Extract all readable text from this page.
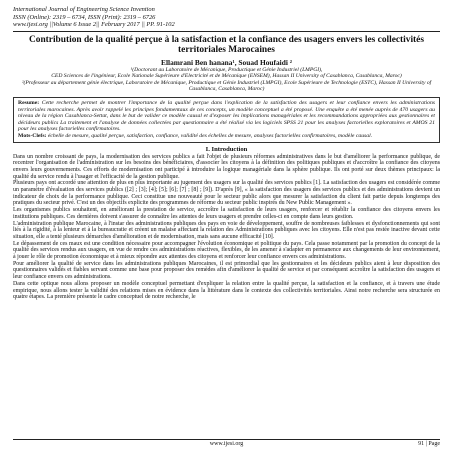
International Journal of Engineering Science Invention
ISSN (Online): 2319 – 6734, ISSN (Print): 2319 – 6726
www.ijesi.org ||Volume 6 Issue 2|| February 2017 || PP. 91-102
Contribution de la qualité perçue à la satisfaction et la confiance des usagers envers les collectivités territoriales Marocaines
Ellamrani Ben hanana¹, Souad Houfaidi ²
¹(Doctorant au Laboratoire de Mécanique, Productique et Génie Industriel (LMPGI),
CED Sciences de l'ingénieur, Ecole Nationale Supérieure d'Electricité et de Mécanique (ENSEM), Hassan II University of Casablanca, Casablanca, Maroc)
²(Professeur au département génie électrique, Laboratoire de Mécanique, Productique et Génie Industriel (LMPGI), Ecole Supérieure de Technologie (ESTC), Hassan II University of Casablanca, Casablanca, Maroc)
Resume: Cette recherche permet de montrer l'importance de la qualité perçue dans l'explication de la satisfaction des usagers et leur confiance envers les administrations territoriales marocaines. Après avoir rappelé les principes fondamentaux de ces concepts, un modèle conceptuel a été proposé. Une enquête a été menée auprès de 470 usagers au niveau de la région Casablanca-Settat, dans le but de valider ce modèle causal et d'exposer les implications managériales et les recommandations appropriées aux gestionnaires et décideurs publics La traitement et l'analyse de données collectées par questionnaire a été réalisé via les logiciels SPSS 21 pour les analyses factorielles exploratoires et AMOS 21 pour les analyses factorielles confirmatoires.
Mots-Clefs: échelle de mesure, qualité perçue, satisfaction, confiance, validité des échelles de mesure, analyses factorielles confirmatoires, modèle causal.
I. Introduction

Dans un nombre croissant de pays, la modernisation des services publics a fait l'objet de plusieurs réformes administratives dans le but d'améliorer la performance publique, de recentrer l'organisation de l'administration sur les besoins des bénéficiaires, d'associer les citoyens à la définition des politiques publiques et d'accroître la confiance des citoyens envers leurs gouvernements. Ces efforts de modernisation ont participé à introduire la logique managériale dans la sphère publique. Ils ont porté sur deux thèmes principaux: la qualité du service rendu à l'usager et l'efficacité de la gestion publique.

Plusieurs pays ont accordé une attention de plus en plus importante au jugement des usagers sur la qualité des services publics [1]. La satisfaction des usagers est considérée comme un paramètre d'évaluation des services publics ([2] ; [3]; [4]; [5]; [6]; [7] ; [8] ; [9]). D'après [9], « la satisfaction des usagers des services publics et des administrations devient un indicateur de choix de la performance publique. Ceci constitue une nouveauté pour le secteur public alors que mesurer la satisfaction du client fait partie depuis longtemps des pratiques du secteur privé. C'est un des objectifs explicite des programmes de réforme du secteur public inspirés du New Public Management ».

Les organismes publics souhaitent, en améliorant la prestation de service, accroître la satisfaction de leurs usagers, renforcer et rétablir la confiance des citoyens envers les institutions publiques. Ces dernières doivent s'assurer de connaître les attentes de leurs usagers et prendre celles-ci en compte dans leurs gestion.

L'administration publique Marocaine, à l'instar des administrations publiques des pays en voie de développement, souffre de nombreuses faiblesses et dysfonctionnements qui sont liés à la rigidité, à la lenteur et à la bureaucratie et créent un malaise affectant la relation des Administrations publiques avec les citoyens. Elle n'est pas restée inactive devant cette situation, elle a tenté plusieurs démarches d'amélioration et de modernisation, mais sans aucune efficacité [10].

Le dépassement de ces maux est une condition nécessaire pour accompagner l'évolution économique et politique du pays. Cela passe notamment par la promotion du concept de la qualité des services rendus aux usagers, en vue de rendre ces administrations réactives, flexibles, de les amener à s'adapter en permanence aux changements de leur environnement, à jouer le rôle de promotion économique et à mieux répondre aux attentes des citoyens et renforcer leur confiance envers ces administrations.

Pour améliorer la qualité de service dans les administrations publiques Marocaines, il est primordial que les gestionnaires et les décideurs publics aient à leur disposition des questionnaires validés et fiables servant comme une base pour proposer des remèdes afin d'améliorer la qualité de service et par conséquent accroître la satisfaction des usagers et leur confiance envers ces administrations.

Dans cette optique nous allons proposer un modèle conceptuel permettant d'expliquer la relation entre la qualité perçue, la satisfaction et la confiance, et à travers une étude empirique, nous allons tester la validité des relations mises en évidence dans la littérature dans le contexte des collectivités territoriales. Ainsi notre recherche sera structurée en quatre étapes. La première présente le cadre conceptuel de notre recherche, le

www.ijesi.org	91 | Page
